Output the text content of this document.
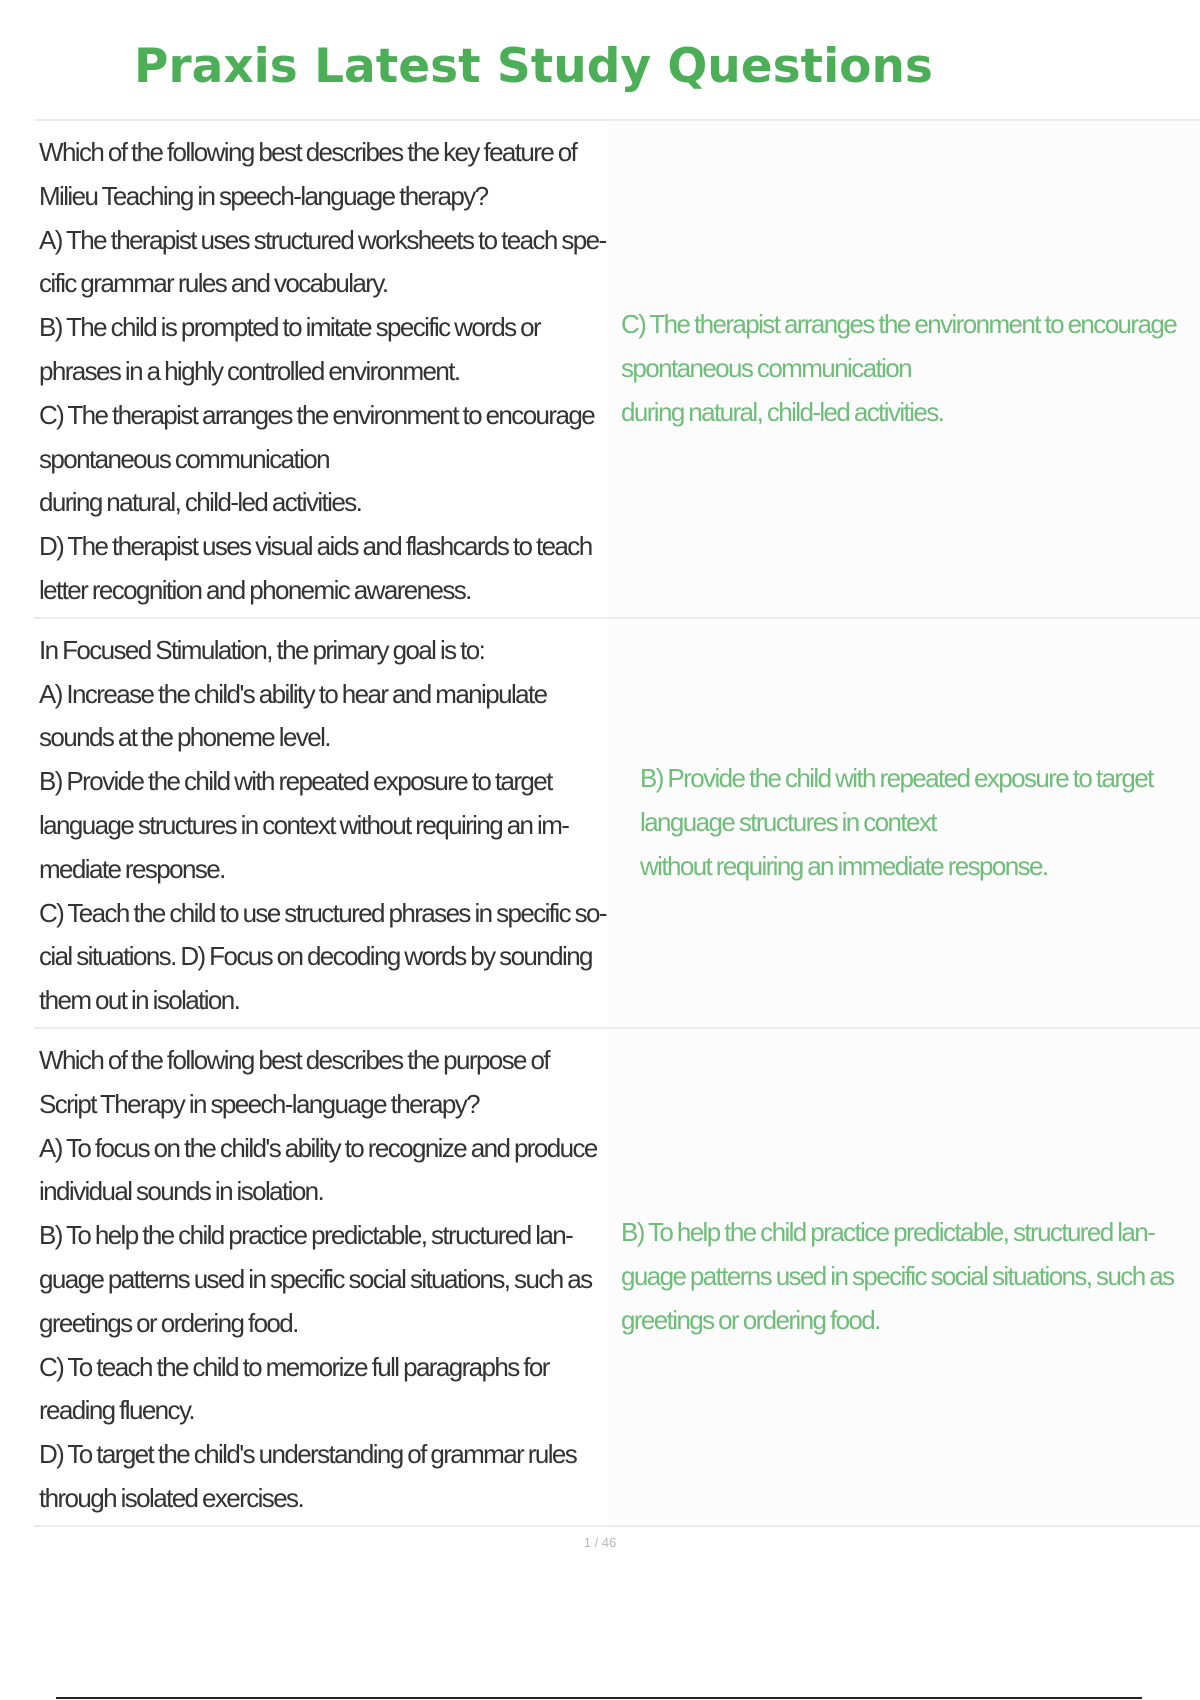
Praxis Latest Study Questions
Which of the following best describes the key feature of
Milieu Teaching in speech-language therapy?
A) The therapist uses structured worksheets to teach spe-
cific grammar rules and vocabulary.
B) The child is prompted to imitate specific words or
phrases in a highly controlled environment.
C) The therapist arranges the environment to encourage
spontaneous communication
during natural, child-led activities.
D) The therapist uses visual aids and flashcards to teach
letter recognition and phonemic awareness.
C) The therapist arranges the environment to encourage
spontaneous communication
during natural, child-led activities.
In Focused Stimulation, the primary goal is to:
A) Increase the child's ability to hear and manipulate
sounds at the phoneme level.
B) Provide the child with repeated exposure to target
language structures in context without requiring an im-
mediate response.
C) Teach the child to use structured phrases in specific so-
cial situations. D) Focus on decoding words by sounding
them out in isolation.
B) Provide the child with repeated exposure to target
language structures in context
without requiring an immediate response.
Which of the following best describes the purpose of
Script Therapy in speech-language therapy?
A) To focus on the child's ability to recognize and produce
individual sounds in isolation.
B) To help the child practice predictable, structured lan-
guage patterns used in specific social situations, such as
greetings or ordering food.
C) To teach the child to memorize full paragraphs for
reading fluency.
D) To target the child's understanding of grammar rules
through isolated exercises.
B) To help the child practice predictable, structured lan-
guage patterns used in specific social situations, such as
greetings or ordering food.
1 / 46
